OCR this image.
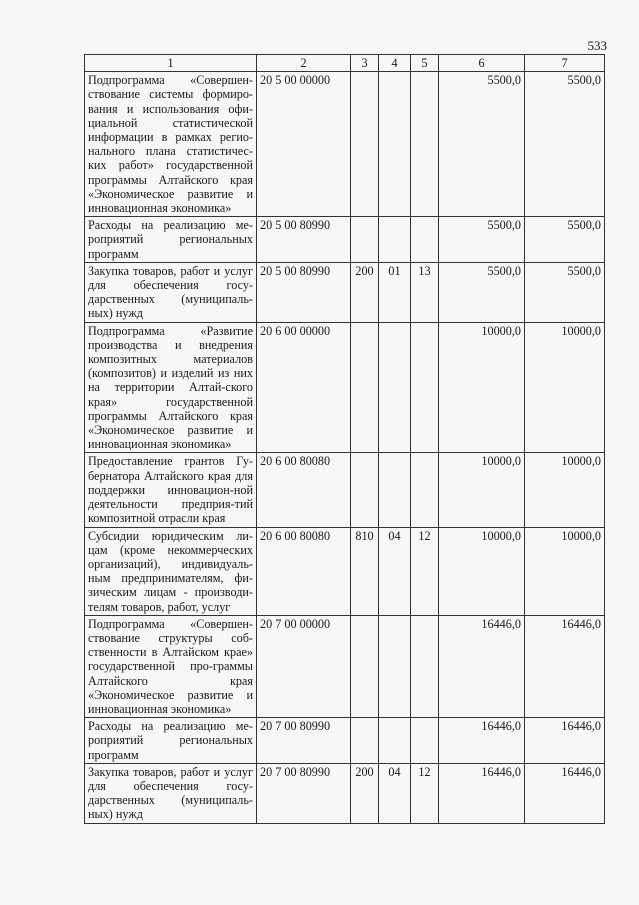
533
1	2	3	4	5	6	7
Подпрограмма «Совершен-ствование системы формиро-вания и использования офи-циальной статистической информации в рамках регио-нального плана статистичес-ких работ» государственной программы Алтайского края «Экономическое развитие и инновационная экономика»	20 5 00 00000				5500,0	5500,0
Расходы на реализацию ме-роприятий региональных программ	20 5 00 80990				5500,0	5500,0
Закупка товаров, работ и услуг для обеспечения госу-дарственных (муниципаль-ных) нужд	20 5 00 80990	200	01	13	5500,0	5500,0
Подпрограмма «Развитие производства и внедрения композитных материалов (композитов) и изделий из них на территории Алтай-ского края» государственной программы Алтайского края «Экономическое развитие и инновационная экономика»	20 6 00 00000				10000,0	10000,0
Предоставление грантов Гу-бернатора Алтайского края для поддержки инновацион-ной деятельности предприя-тий композитной отрасли края	20 6 00 80080				10000,0	10000,0
Субсидии юридическим ли-цам (кроме некоммерческих организаций), индивидуаль-ным предпринимателям, фи-зическим лицам - производи-телям товаров, работ, услуг	20 6 00 80080	810	04	12	10000,0	10000,0
Подпрограмма «Совершен-ствование структуры соб-ственности в Алтайском крае» государственной про-граммы Алтайского края «Экономическое развитие и инновационная экономика»	20 7 00 00000				16446,0	16446,0
Расходы на реализацию ме-роприятий региональных программ	20 7 00 80990				16446,0	16446,0
Закупка товаров, работ и услуг для обеспечения госу-дарственных (муниципаль-ных) нужд	20 7 00 80990	200	04	12	16446,0	16446,0
